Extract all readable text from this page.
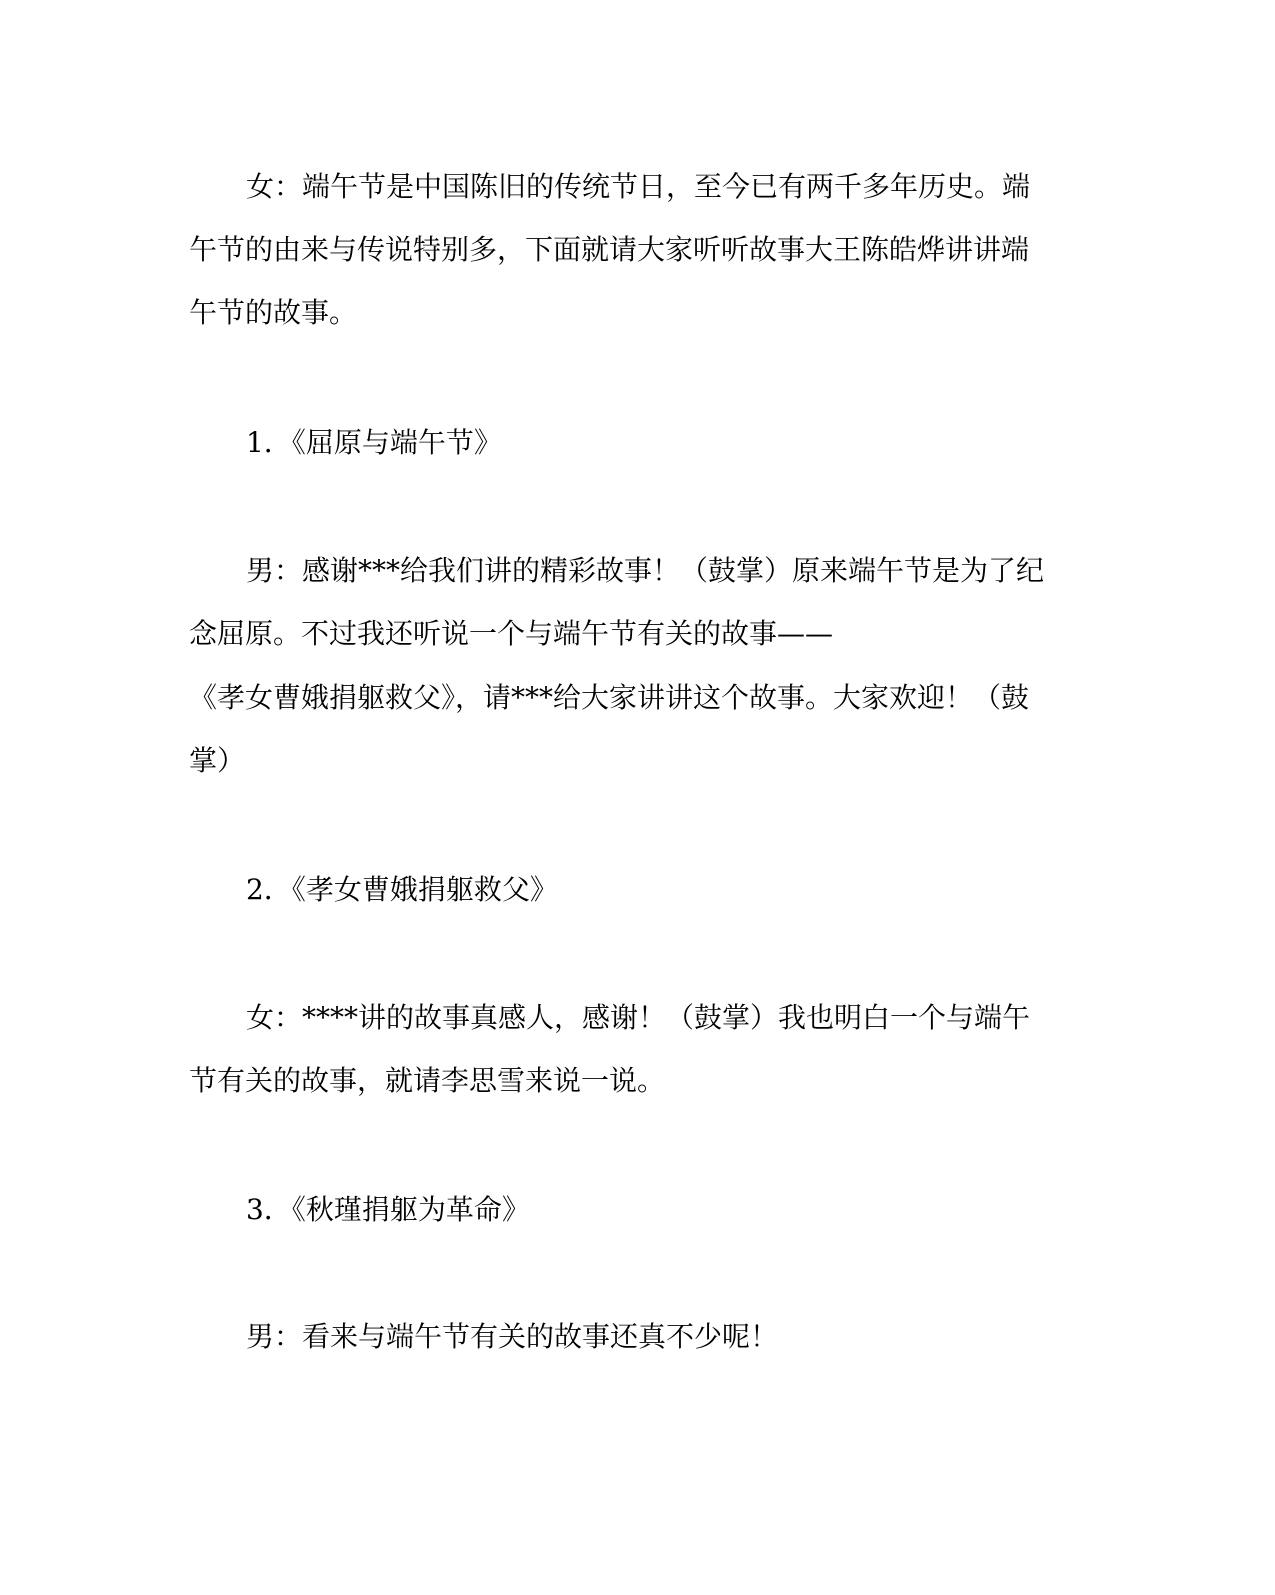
女：端午节是中国陈旧的传统节日，至今已有两千多年历史。端
午节的由来与传说特别多，下面就请大家听听故事大王陈皓烨讲讲端
午节的故事。
1．《屈原与端午节》
男：感谢***给我们讲的精彩故事！（鼓掌）原来端午节是为了纪
念屈原。不过我还听说一个与端午节有关的故事——
《孝女曹娥捐躯救父》，请***给大家讲讲这个故事。大家欢迎！（鼓
掌）
2．《孝女曹娥捐躯救父》
女：****讲的故事真感人，感谢！（鼓掌）我也明白一个与端午
节有关的故事，就请李思雪来说一说。
3．《秋瑾捐躯为革命》
男：看来与端午节有关的故事还真不少呢！
